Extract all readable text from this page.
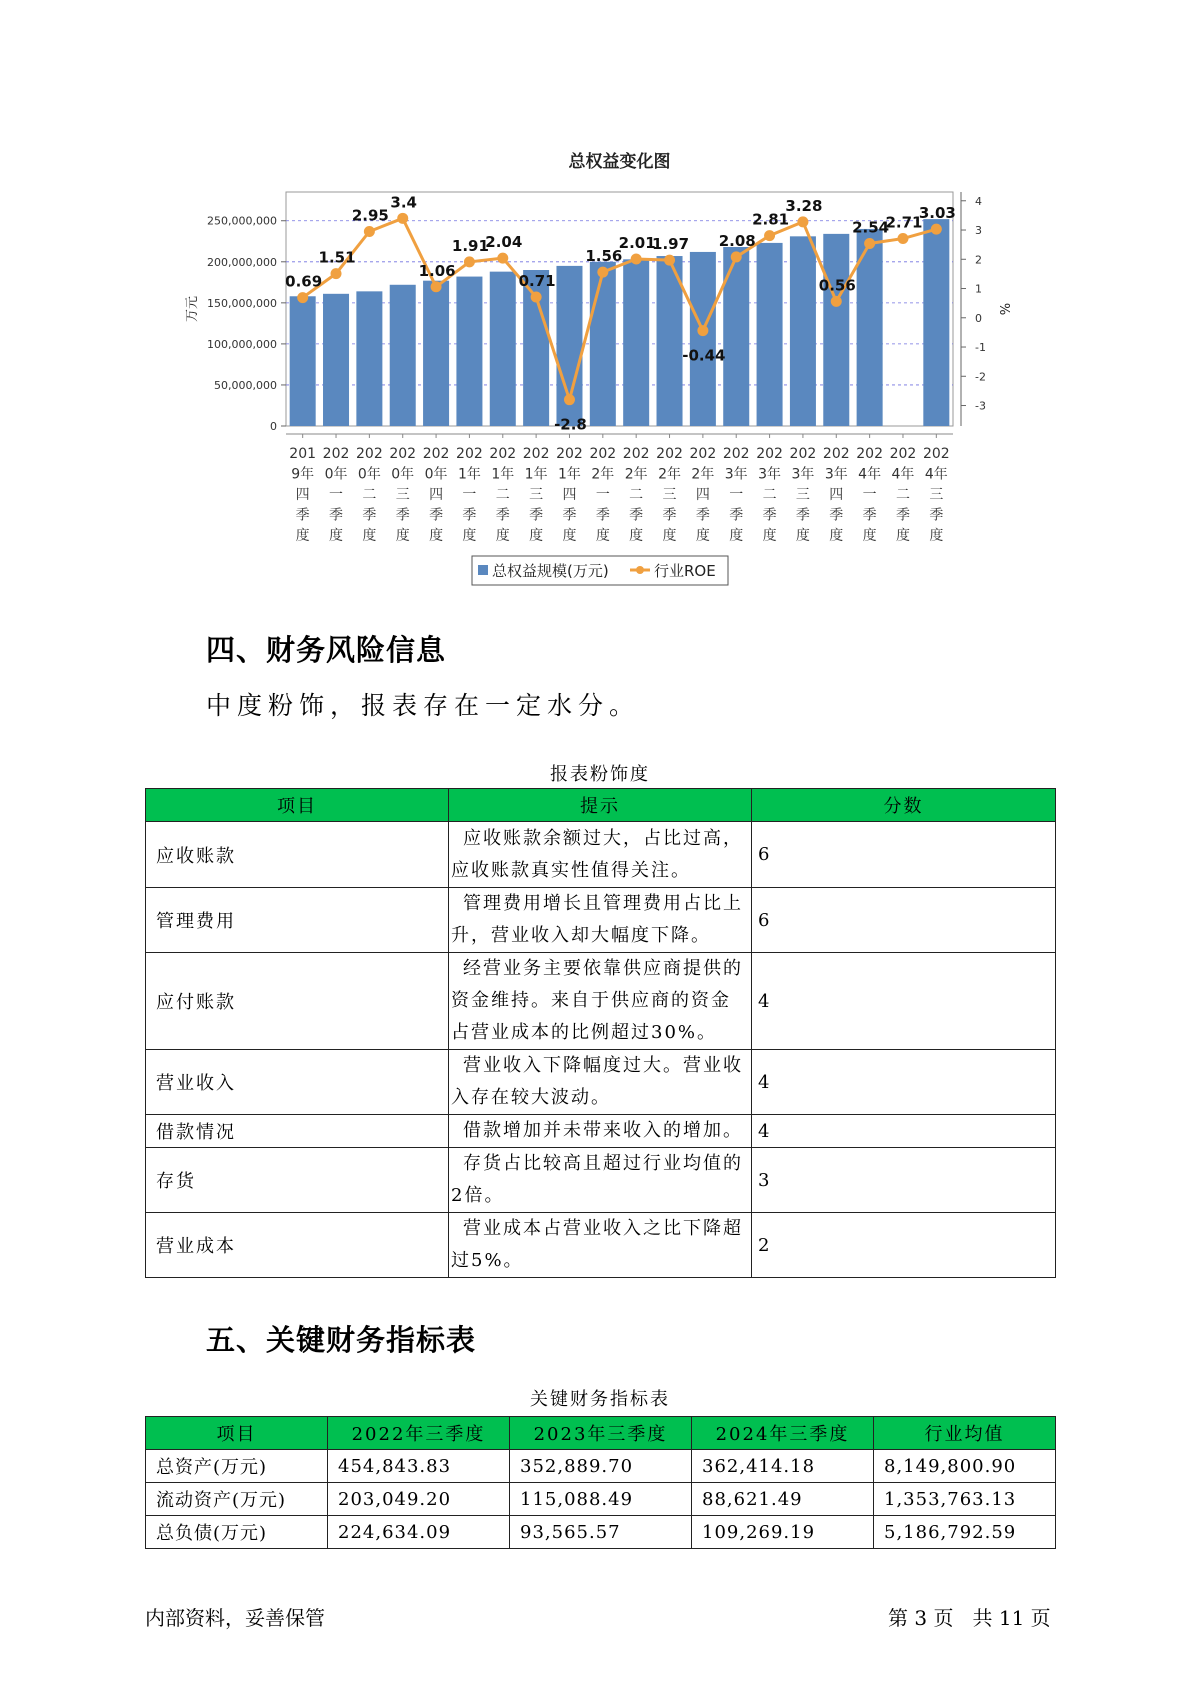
0
50,000,000
100,000,000
150,000,000
200,000,000
250,000,000
-3
-2
-1
0
1
2
3
4
万元	%
总权益变化图
0.69
1.51
2.95
3.4
1.06
1.91
2.04
0.71
-2.8
1.56
2.01
1.97
-0.44
2.08
2.81
3.28
0.56
2.54
2.71
3.03
201
9年
四
季
度
202
0年
一
季
度
202
0年
二
季
度
202
0年
三
季
度
202
0年
四
季
度
202
1年
一
季
度
202
1年
二
季
度
202
1年
三
季
度
202
1年
四
季
度
202
2年
一
季
度
202
2年
二
季
度
202
2年
三
季
度
202
2年
四
季
度
202
3年
一
季
度
202
3年
二
季
度
202
3年
三
季
度
202
3年
四
季
度
202
4年
一
季
度
202
4年
二
季
度
202
4年
三
季
度
总权益规模(万元)	行业ROE
四、财务风险信息

中度粉饰，报表存在一定水分。

报表粉饰度
项目	提示	分数
应收账款	应收账款余额过大，占比过高，应收账款真实性值得关注。	6
管理费用	管理费用增长且管理费用占比上升，营业收入却大幅度下降。	6
应付账款	经营业务主要依靠供应商提供的资金维持。来自于供应商的资金占营业成本的比例超过30%。	4
营业收入	营业收入下降幅度过大。营业收入存在较大波动。	4
借款情况	借款增加并未带来收入的增加。	4
存货	存货占比较高且超过行业均值的2倍。	3
营业成本	营业成本占营业收入之比下降超过5%。	2
五、关键财务指标表
关键财务指标表
项目	2022年三季度	2023年三季度	2024年三季度	行业均值
总资产(万元)	454,843.83	352,889.70	362,414.18	8,149,800.90
流动资产(万元)	203,049.20	115,088.49	88,621.49	1,353,763.13
总负债(万元)	224,634.09	93,565.57	109,269.19	5,186,792.59
内部资料，妥善保管	第 3 页   共 11 页
